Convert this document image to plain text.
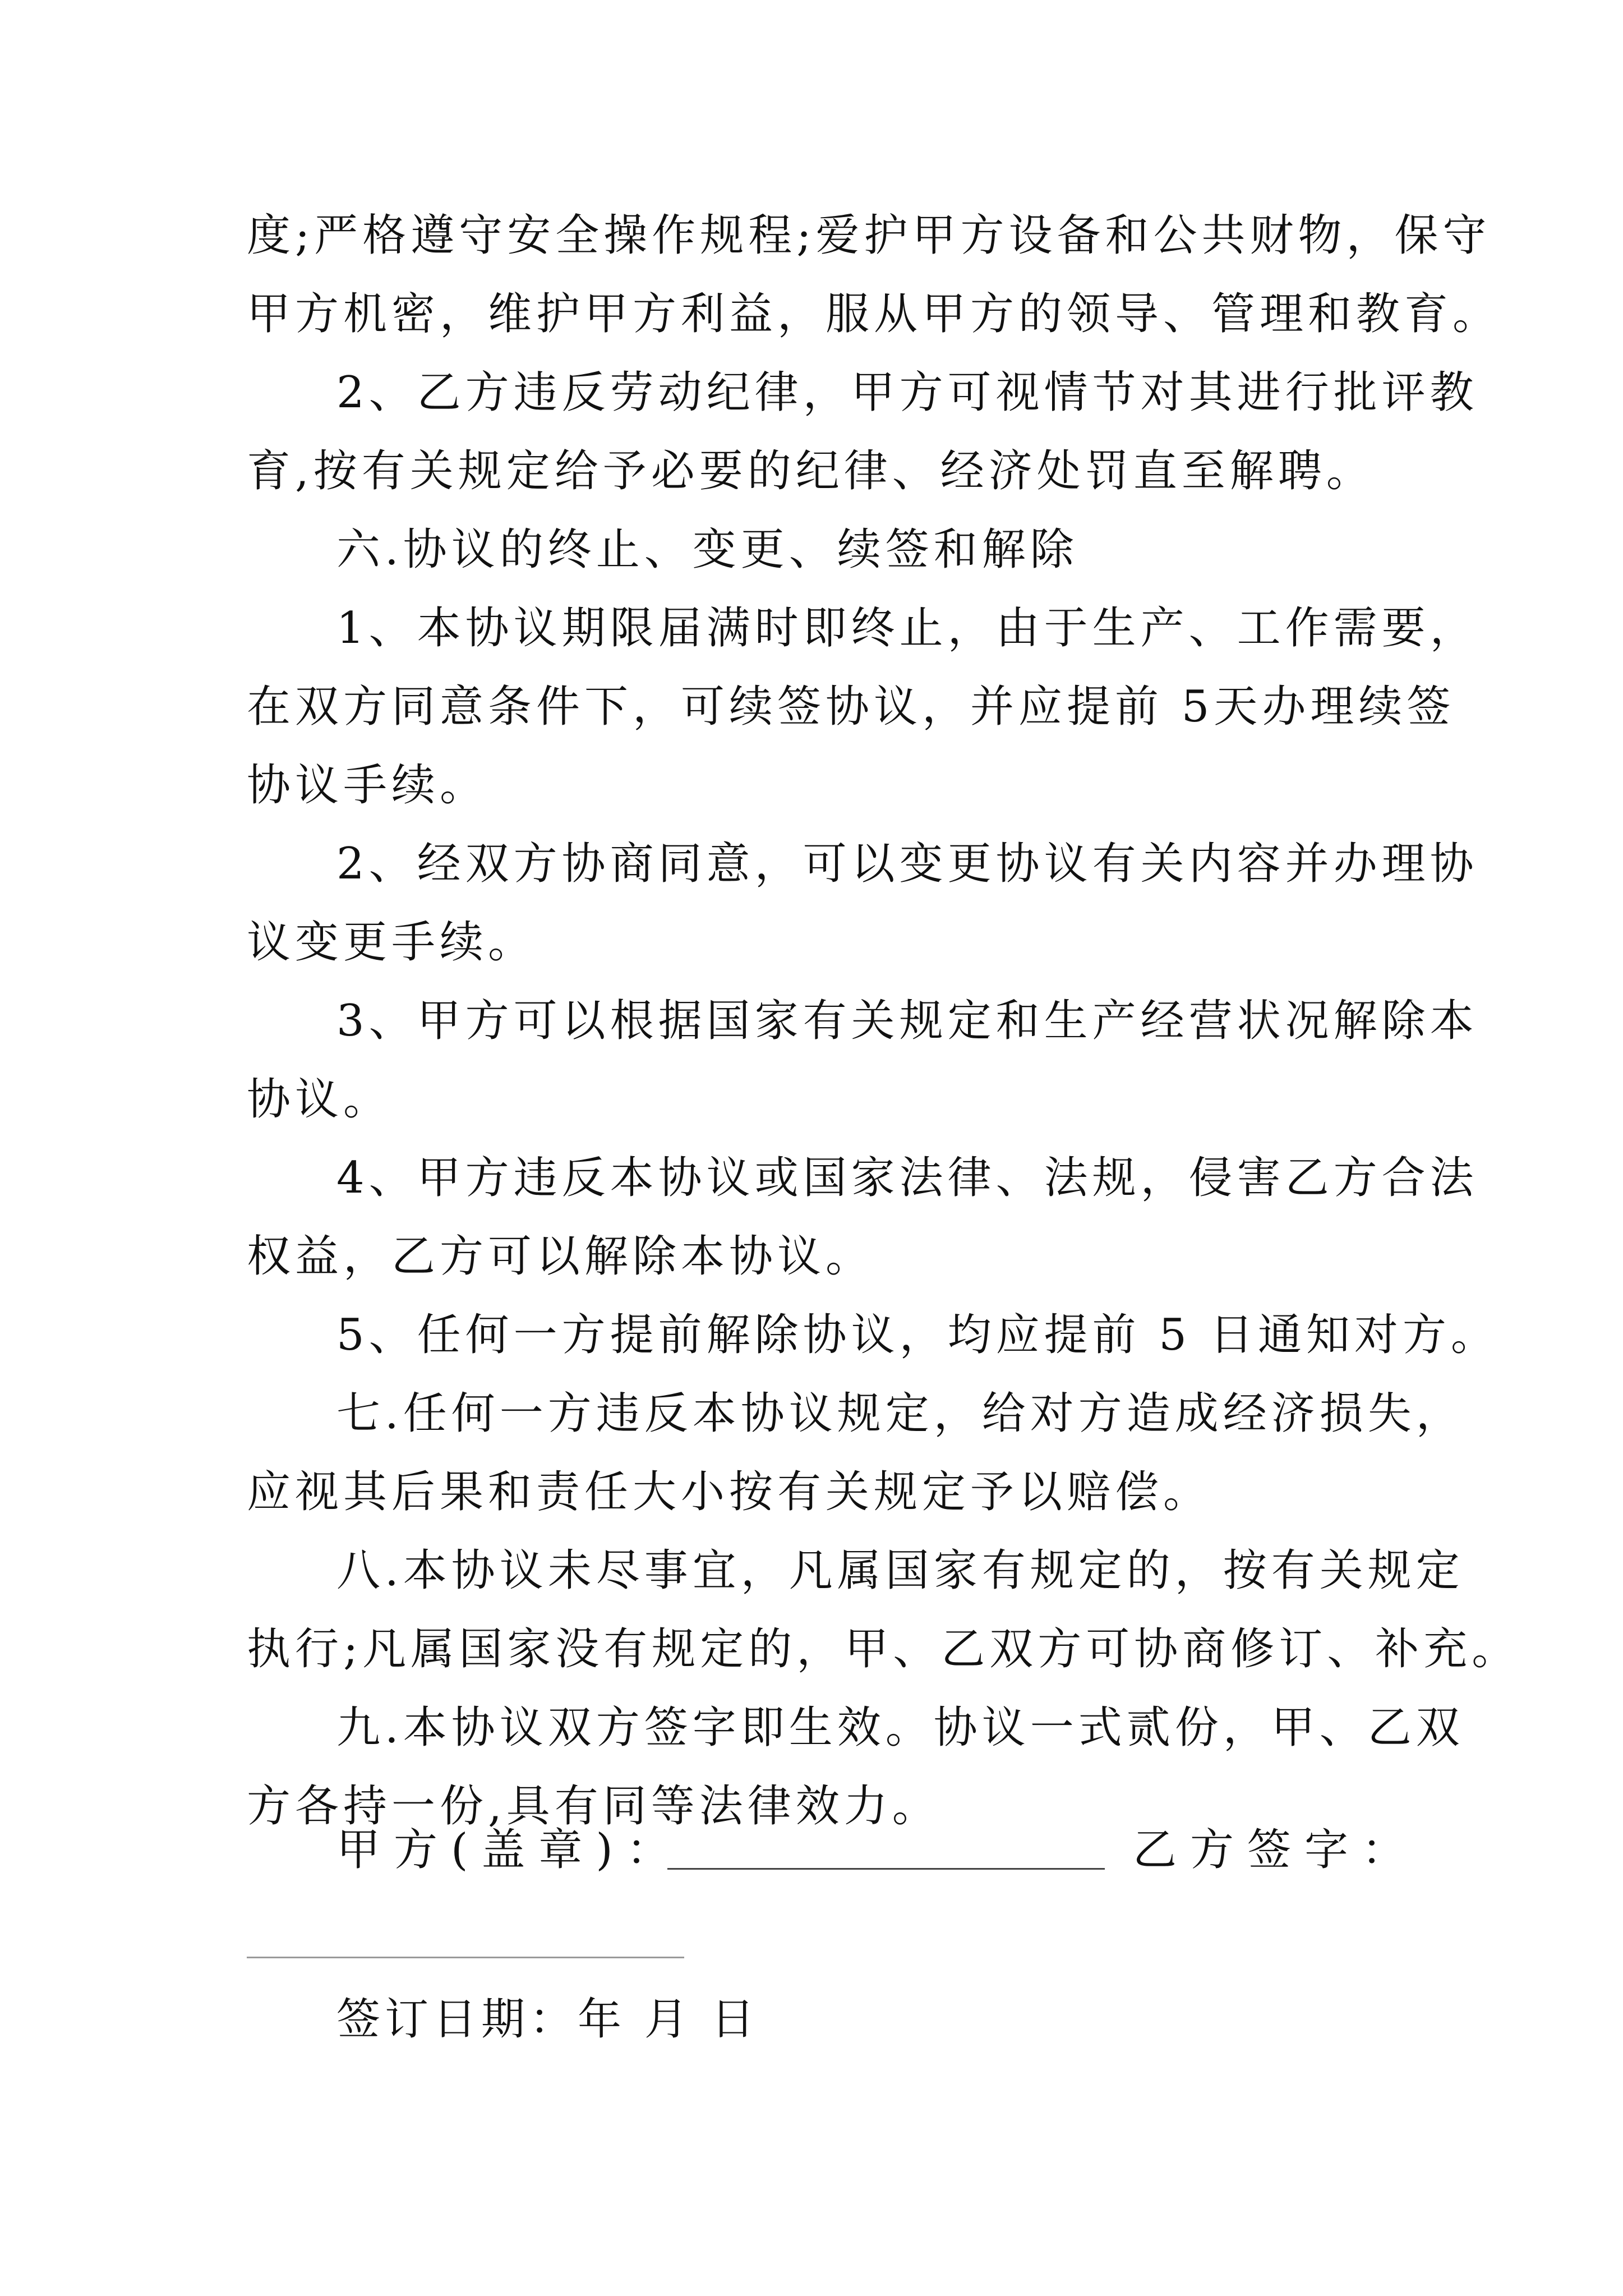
度;严格遵守安全操作规程;爱护甲方设备和公共财物，保守
甲方机密，维护甲方利益，服从甲方的领导、管理和教育。
2、乙方违反劳动纪律，甲方可视情节对其进行批评教
育,按有关规定给予必要的纪律、经济处罚直至解聘。
六.协议的终止、变更、续签和解除
1、本协议期限届满时即终止，由于生产、工作需要，
在双方同意条件下，可续签协议，并应提前 5天办理续签
协议手续。
2、经双方协商同意，可以变更协议有关内容并办理协
议变更手续。
3、甲方可以根据国家有关规定和生产经营状况解除本
协议。
4、甲方违反本协议或国家法律、法规，侵害乙方合法
权益，乙方可以解除本协议。
5、任何一方提前解除协议，均应提前 5 日通知对方。
七.任何一方违反本协议规定，给对方造成经济损失，
应视其后果和责任大小按有关规定予以赔偿。
八.本协议未尽事宜，凡属国家有规定的，按有关规定
执行;凡属国家没有规定的，甲、乙双方可协商修订、补充。
九.本协议双方签字即生效。协议一式贰份，甲、乙双
方各持一份,具有同等法律效力。
甲方(盖章)：	乙方签字：
签订日期：年 月 日
